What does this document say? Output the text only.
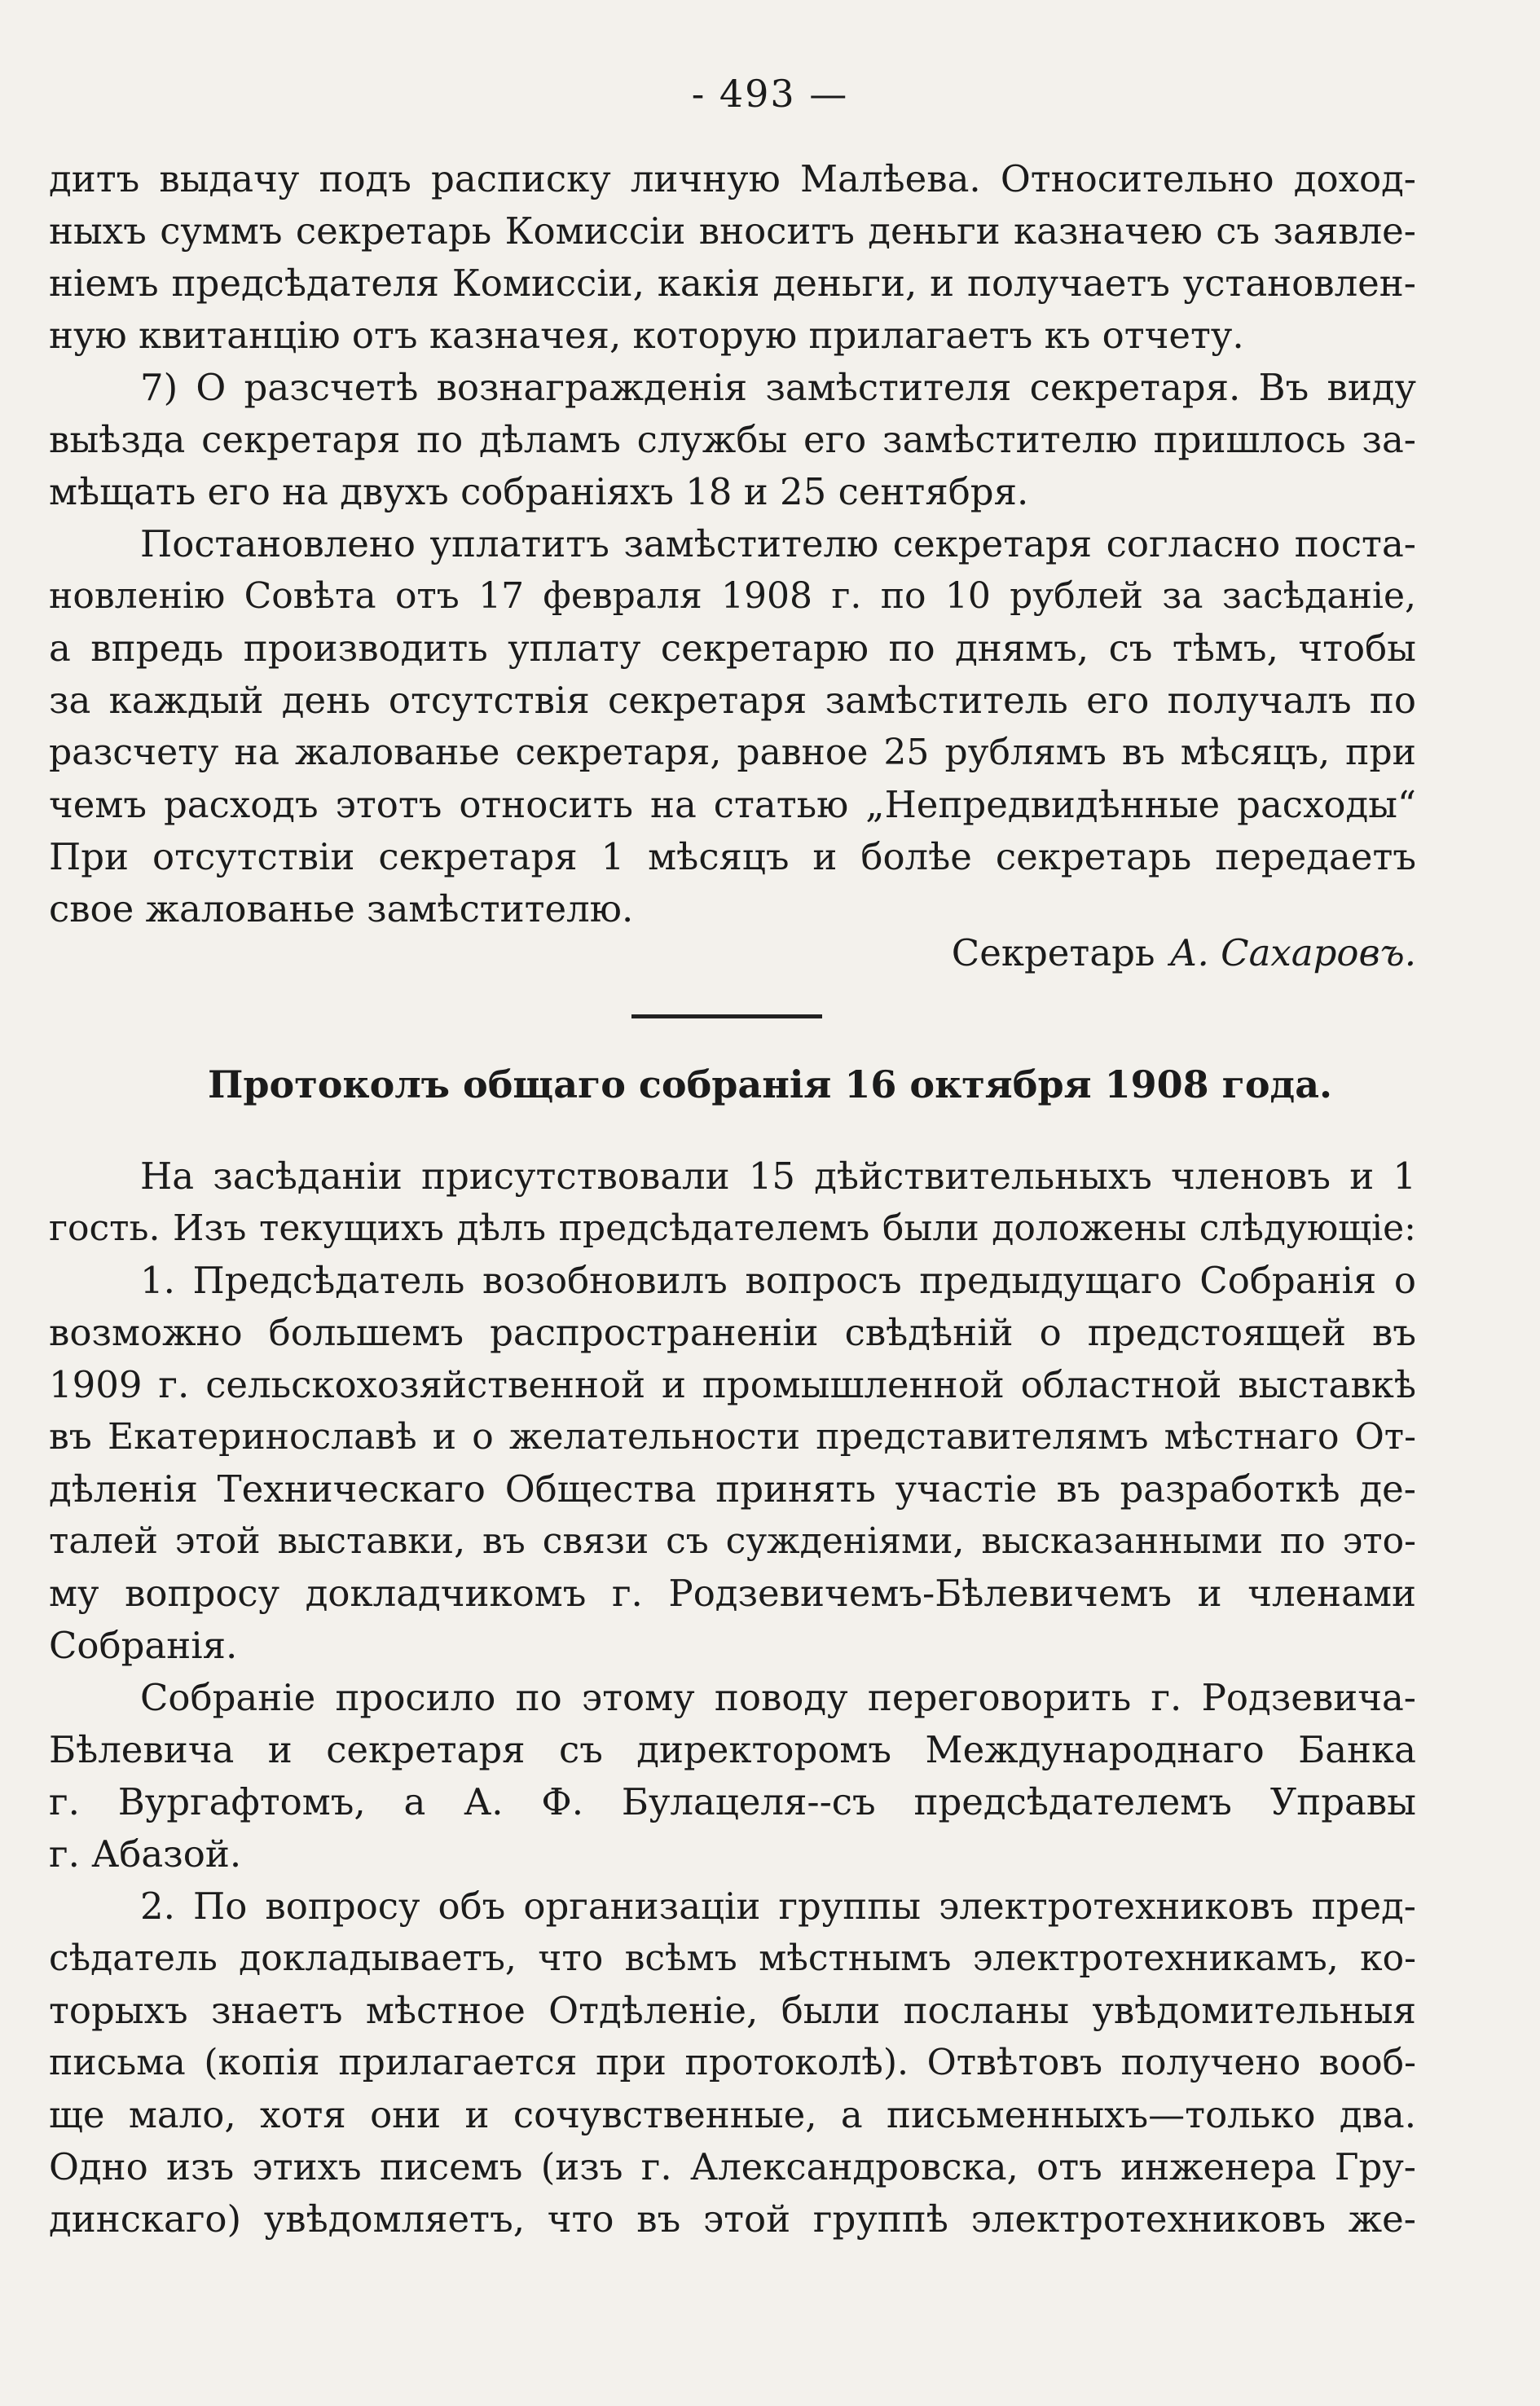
- 493 —
дитъ выдачу подъ расписку личную Малѣева. Относительно доход-
ныхъ суммъ секретарь Комиссіи вноситъ деньги казначею съ заявле-
ніемъ предсѣдателя Комиссіи, какія деньги, и получаетъ установлен-
ную квитанцію отъ казначея, которую прилагаетъ къ отчету.
7) О разсчетѣ вознагражденія замѣстителя секретаря. Въ виду
выѣзда секретаря по дѣламъ службы его замѣстителю пришлось за-
мѣщать его на двухъ собраніяхъ 18 и 25 сентября.
Постановлено уплатитъ замѣстителю секретаря согласно поста-
новленію Совѣта отъ 17 февраля 1908 г. по 10 рублей за засѣданіе,
а впредь производить уплату секретарю по днямъ, съ тѣмъ, чтобы
за каждый день отсутствія секретаря замѣститель его получалъ по
разсчету на жалованье секретаря, равное 25 рублямъ въ мѣсяцъ, при
чемъ расходъ этотъ относить на статью „Непредвидѣнные расходы“
При отсутствіи секретаря 1 мѣсяцъ и болѣе секретарь передаетъ
свое жалованье замѣстителю.
Секретарь А. Сахаровъ.
Протоколъ общаго собранія 16 октября 1908 года.
На засѣданіи присутствовали 15 дѣйствительныхъ членовъ и 1
гость. Изъ текущихъ дѣлъ предсѣдателемъ были доложены слѣдующіе:
1. Предсѣдатель возобновилъ вопросъ предыдущаго Собранія о
возможно большемъ распространеніи свѣдѣній о предстоящей въ
1909 г. сельскохозяйственной и промышленной областной выставкѣ
въ Екатеринославѣ и о желательности представителямъ мѣстнаго От-
дѣленія Техническаго Общества принять участіе въ разработкѣ де-
талей этой выставки, въ связи съ сужденіями, высказанными по это-
му вопросу докладчикомъ г. Родзевичемъ-Бѣлевичемъ и членами
Собранія.
Собраніе просило по этому поводу переговорить г. Родзевича-
Бѣлевича и секретаря съ директоромъ Международнаго Банка
г. Вургафтомъ, а А. Ф. Булацеля--съ предсѣдателемъ Управы
г. Абазой.
2. По вопросу объ организаціи группы электротехниковъ пред-
сѣдатель докладываетъ, что всѣмъ мѣстнымъ электротехникамъ, ко-
торыхъ знаетъ мѣстное Отдѣленіе, были посланы увѣдомительныя
письма (копія прилагается при протоколѣ). Отвѣтовъ получено вооб-
ще мало, хотя они и сочувственные, а письменныхъ—только два.
Одно изъ этихъ писемъ (изъ г. Александровска, отъ инженера Гру-
динскаго) увѣдомляетъ, что въ этой группѣ электротехниковъ же-
